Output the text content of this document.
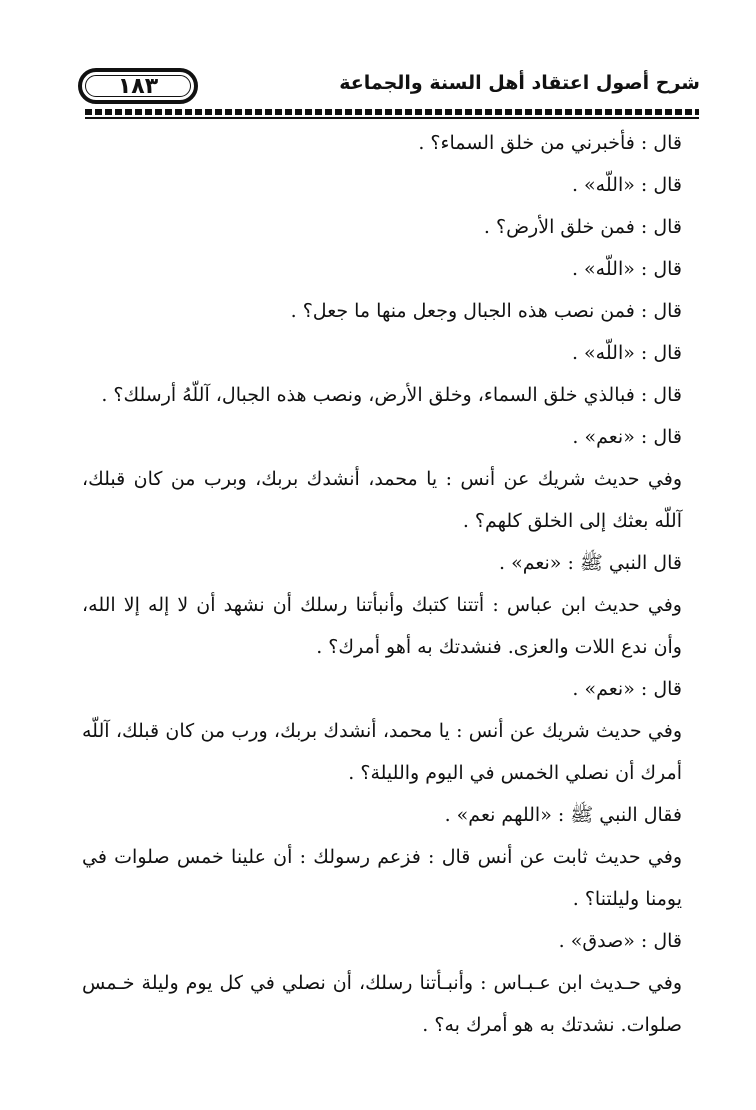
١٨٣	شرح أصول اعتقاد أهل السنة والجماعة

قال : فأخبرني من خلق السماء؟ .

قال : «اللّه» .

قال : فمن خلق الأرض؟ .

قال : «اللّه» .

قال : فمن نصب هذه الجبال وجعل منها ما جعل؟ .

قال : «اللّه» .

قال : فبالذي خلق السماء، وخلق الأرض، ونصب هذه الجبال، آللّهُ أرسلك؟ .

قال : «نعم» .

وفي حديث شريك عن أنس : يا محمد، أنشدك بربك، وبرب من كان قبلك، آللّه بعثك إلى الخلق كلهم؟ .

قال النبي ﷺ : «نعم» .

وفي حديث ابن عباس : أتتنا كتبك وأنبأتنا رسلك أن نشهد أن لا إله إلا الله، وأن ندع اللات والعزى. فنشدتك به أهو أمرك؟ .

قال : «نعم» .

وفي حديث شريك عن أنس : يا محمد، أنشدك بربك، ورب من كان قبلك، آللّه أمرك أن نصلي الخمس في اليوم والليلة؟ .

فقال النبي ﷺ : «اللهم نعم» .

وفي حديث ثابت عن أنس قال : فزعم رسولك : أن علينا خمس صلوات في يومنا وليلتنا؟ .

قال : «صدق» .

وفي حـديث ابن عـبـاس : وأنبـأتنا رسلك، أن نصلي في كل يوم وليلة خـمس صلوات. نشدتك به هو أمرك به؟ .
